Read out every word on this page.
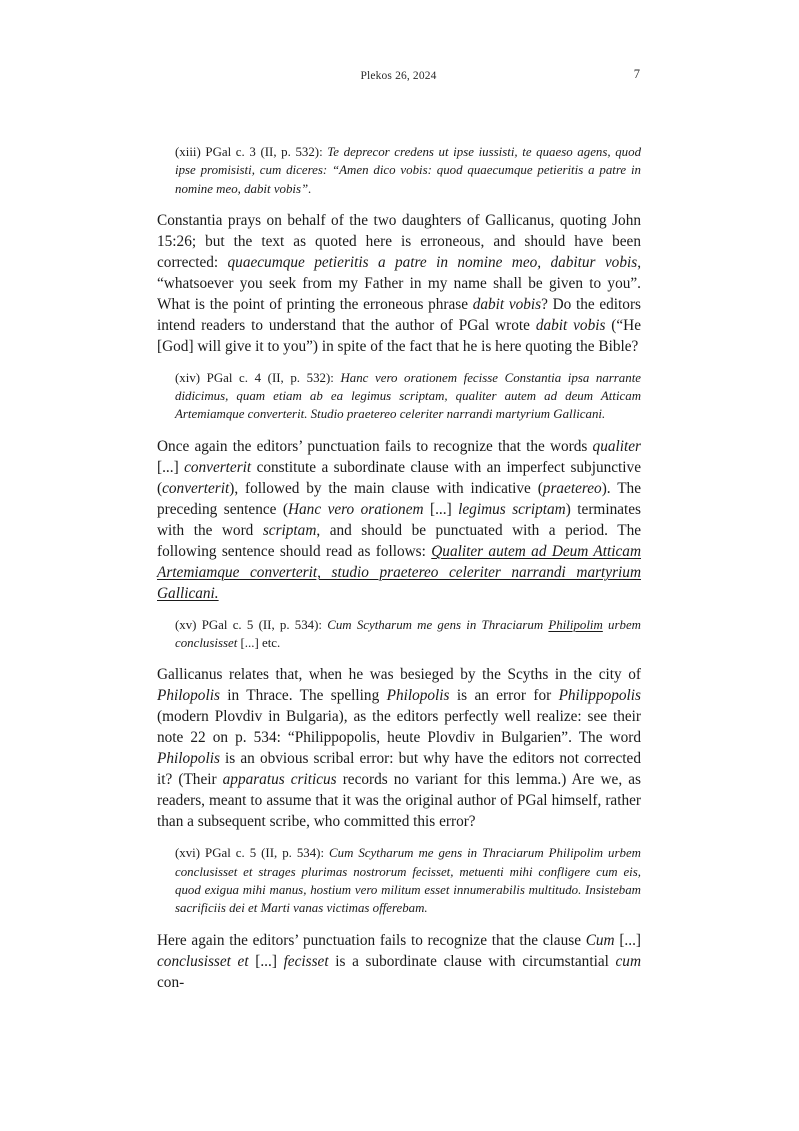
Plekos 26, 2024	7

(xiii) PGal c. 3 (II, p. 532): Te deprecor credens ut ipse iussisti, te quaeso agens, quod ipse promisisti, cum diceres: “Amen dico vobis: quod quaecumque petieritis a patre in nomine meo, dabit vobis”.

Constantia prays on behalf of the two daughters of Gallicanus, quoting John 15:26; but the text as quoted here is erroneous, and should have been corrected: quaecumque petieritis a patre in nomine meo, dabitur vobis, “whatsoever you seek from my Father in my name shall be given to you”. What is the point of printing the erroneous phrase dabit vobis? Do the editors intend readers to understand that the author of PGal wrote dabit vobis (“He [God] will give it to you”) in spite of the fact that he is here quoting the Bible?

(xiv) PGal c. 4 (II, p. 532): Hanc vero orationem fecisse Constantia ipsa narrante didicimus, quam etiam ab ea legimus scriptam, qualiter autem ad deum Atticam Artemiamque converterit. Studio praetereo celeriter narrandi martyrium Gallicani.

Once again the editors’ punctuation fails to recognize that the words qualiter [...] converterit constitute a subordinate clause with an imperfect subjunctive (converterit), followed by the main clause with indicative (praetereo). The preceding sentence (Hanc vero orationem [...] legimus scriptam) terminates with the word scriptam, and should be punctuated with a period. The following sentence should read as follows: Qualiter autem ad Deum Atticam Artemiamque converterit, studio praetereo celeriter narrandi martyrium Gallicani.

(xv) PGal c. 5 (II, p. 534): Cum Scytharum me gens in Thraciarum Philipolim urbem conclusisset [...] etc.

Gallicanus relates that, when he was besieged by the Scyths in the city of Philopolis in Thrace. The spelling Philopolis is an error for Philippopolis (modern Plovdiv in Bulgaria), as the editors perfectly well realize: see their note 22 on p. 534: “Philippopolis, heute Plovdiv in Bulgarien”. The word Philopolis is an obvious scribal error: but why have the editors not corrected it? (Their apparatus criticus records no variant for this lemma.) Are we, as readers, meant to assume that it was the original author of PGal himself, rather than a subsequent scribe, who committed this error?

(xvi) PGal c. 5 (II, p. 534): Cum Scytharum me gens in Thraciarum Philipolim urbem conclusisset et strages plurimas nostrorum fecisset, metuenti mihi confligere cum eis, quod exigua mihi manus, hostium vero militum esset innumerabilis multitudo. Insistebam sacrificiis dei et Marti vanas victimas offerebam.

Here again the editors’ punctuation fails to recognize that the clause Cum [...] conclusisset et [...] fecisset is a subordinate clause with circumstantial cum con-
